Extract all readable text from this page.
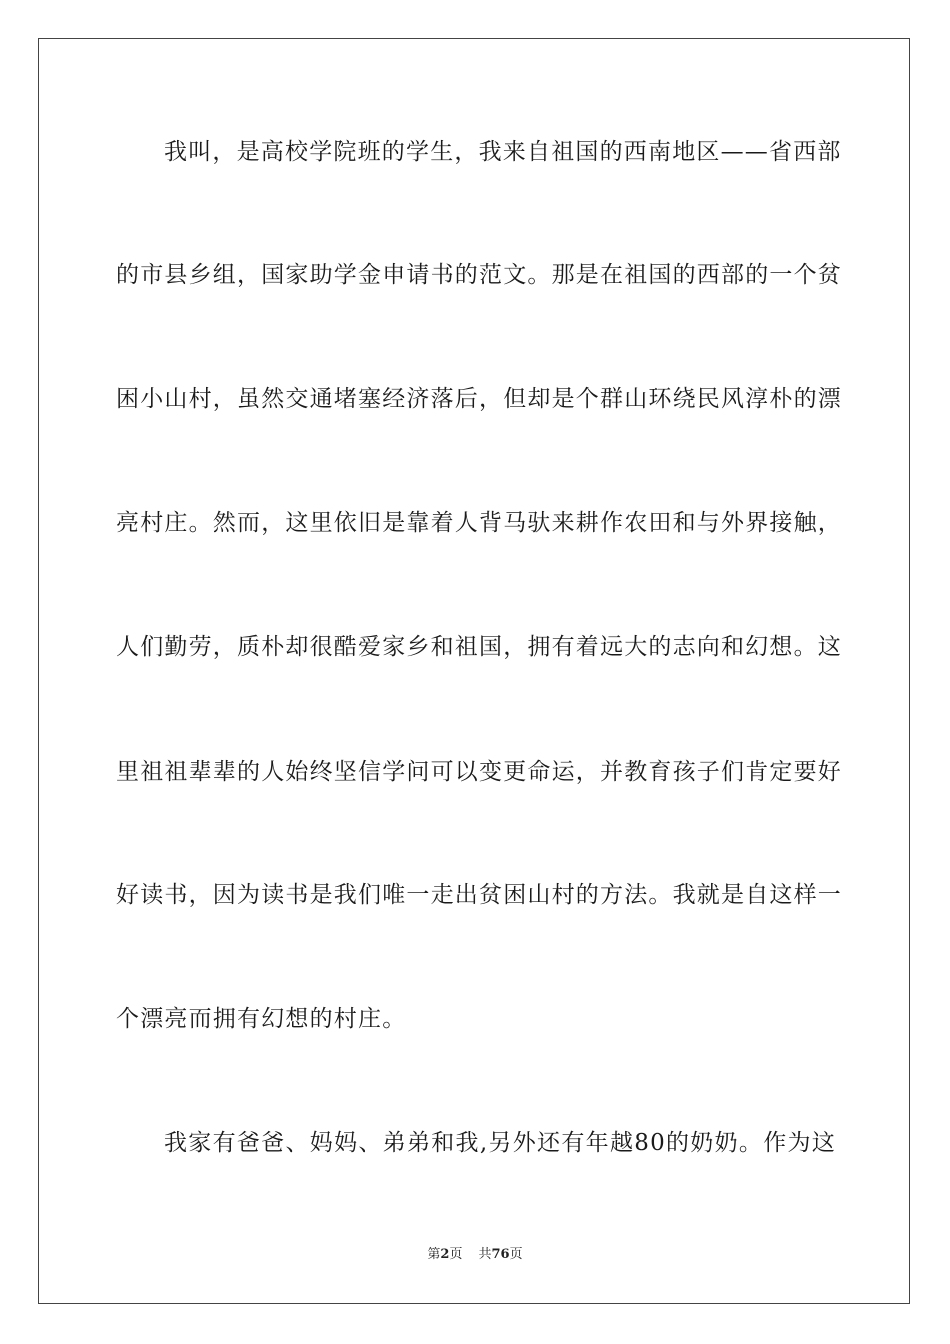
我叫，是高校学院班的学生，我来自祖国的西南地区——省西部
的市县乡组，国家助学金申请书的范文。那是在祖国的西部的一个贫
困小山村，虽然交通堵塞经济落后，但却是个群山环绕民风淳朴的漂
亮村庄。然而，这里依旧是靠着人背马驮来耕作农田和与外界接触，
人们勤劳，质朴却很酷爱家乡和祖国，拥有着远大的志向和幻想。这
里祖祖辈辈的人始终坚信学问可以变更命运，并教育孩子们肯定要好
好读书，因为读书是我们唯一走出贫困山村的方法。我就是自这样一
个漂亮而拥有幻想的村庄。
我家有爸爸、妈妈、弟弟和我,另外还有年越80的奶奶。作为这
第2页 共76页
